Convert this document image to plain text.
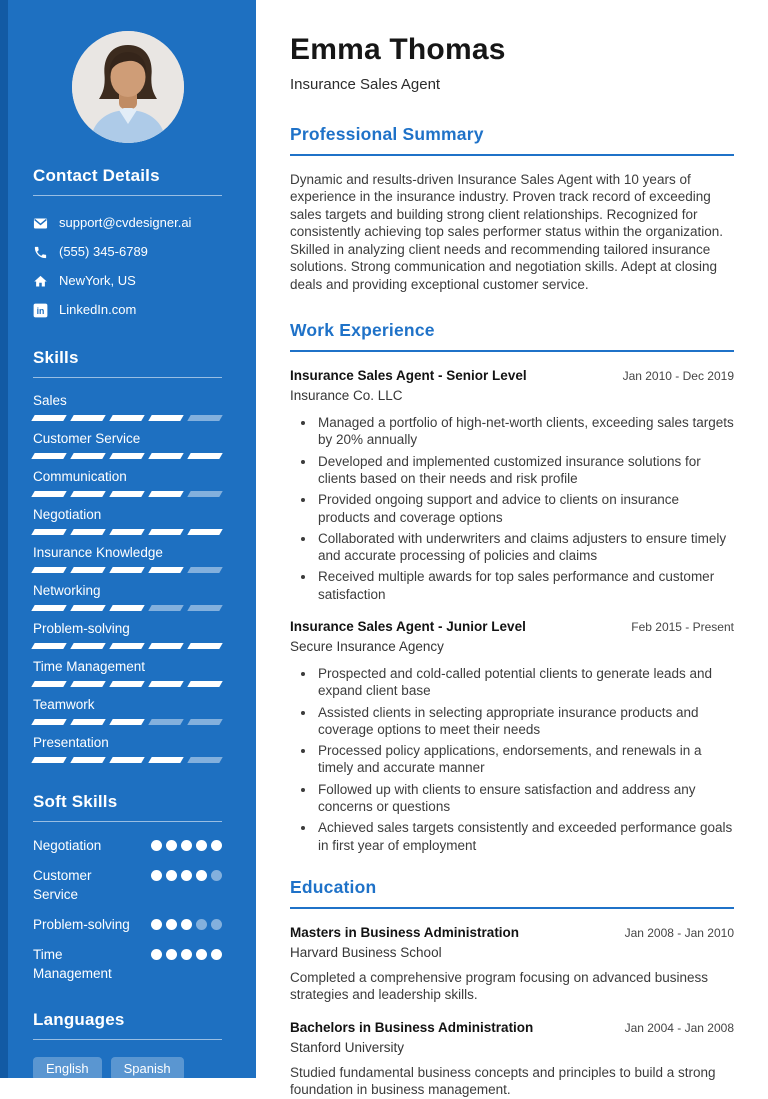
Contact Details
support@cvdesigner.ai
(555) 345-6789
NewYork, US
in LinkedIn.com
Skills
Sales
Customer Service
Communication
Negotiation
Insurance Knowledge
Networking
Problem-solving
Time Management
Teamwork
Presentation
Soft Skills
Negotiation
Customer Service
Problem-solving
Time Management
Languages
English	Spanish
Emma Thomas
Insurance Sales Agent
Professional Summary

Dynamic and results-driven Insurance Sales Agent with 10 years of experience in the insurance industry. Proven track record of exceeding sales targets and building strong client relationships. Recognized for consistently achieving top sales performer status within the organization. Skilled in analyzing client needs and recommending tailored insurance solutions. Strong communication and negotiation skills. Adept at closing deals and providing exceptional customer service.

Work Experience
Insurance Sales Agent - Senior Level	Jan 2010 - Dec 2019
Insurance Co. LLC
• Managed a portfolio of high-net-worth clients, exceeding sales targets by 20% annually
• Developed and implemented customized insurance solutions for clients based on their needs and risk profile
• Provided ongoing support and advice to clients on insurance products and coverage options
• Collaborated with underwriters and claims adjusters to ensure timely and accurate processing of policies and claims
• Received multiple awards for top sales performance and customer satisfaction
Insurance Sales Agent - Junior Level	Feb 2015 - Present
Secure Insurance Agency
• Prospected and cold-called potential clients to generate leads and expand client base
• Assisted clients in selecting appropriate insurance products and coverage options to meet their needs
• Processed policy applications, endorsements, and renewals in a timely and accurate manner
• Followed up with clients to ensure satisfaction and address any concerns or questions
• Achieved sales targets consistently and exceeded performance goals in first year of employment
Education
Masters in Business Administration	Jan 2008 - Jan 2010
Harvard Business School

Completed a comprehensive program focusing on advanced business strategies and leadership skills.

Bachelors in Business Administration	Jan 2004 - Jan 2008
Stanford University

Studied fundamental business concepts and principles to build a strong foundation in business management.
